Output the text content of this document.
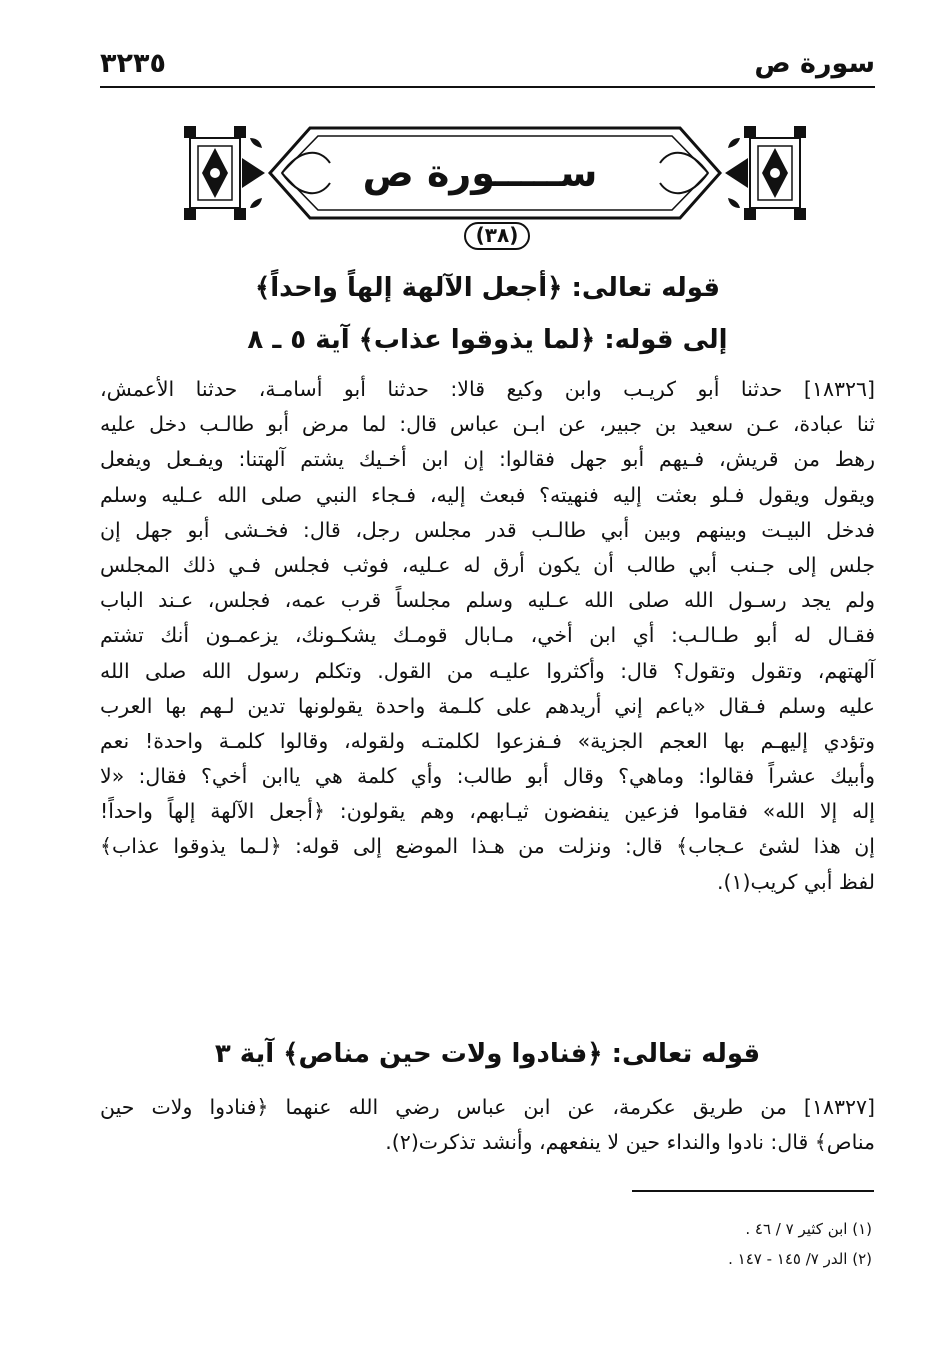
سورة ص
٣٢٣٥
ســـــورة ص
(٣٨)
قوله تعالى: ﴿أجعل الآلهة إلهاً واحداً﴾
إلى قوله: ﴿لما يذوقوا عذاب﴾ آية ٥ ـ ٨
[١٨٣٢٦] حدثنا أبو كريـب وابن وكيع قالا: حدثنا أبو أسامـة، حدثنا الأعمش،
ثنا عبادة، عـن سعيد بن جبير، عن ابـن عباس قال: لما مرض أبو طالـب دخل عليه
رهط من قريش، فـيهم أبو جهل فقالوا: إن ابن أخـيك يشتم آلهتنا: ويفـعل ويفعل
ويقول ويقول فـلو بعثت إليه فنهيته؟ فبعث إليه، فـجاء النبي صلى الله عـليه وسلم
فدخل البيـت وبينهم وبين أبي طالـب قدر مجلس رجل، قال: فخـشى أبو جهل إن
جلس إلى جـنب أبي طالب أن يكون أرق له عـليه، فوثب فجلس فـي ذلك المجلس
ولم يجد رسـول الله صلى الله عـليه وسلم مجلساً قرب عمه، فجلس، عـند الباب
فقـال له أبو طـالـب: أي ابن أخي، مـابال قومـك يشكـونك، يزعمـون أنك تشتم
آلهتهم، وتقول وتقول؟ قال: وأكثروا عليـه من القول. وتكلم رسول الله صلى الله
عليه وسلم فـقال «ياعم إني أريدهم على كلـمة واحدة يقولونها تدين لـهم بها العرب
وتؤدي إليهـم بها العجم الجزية» فـفزعوا لكلمتـه ولقوله، وقالوا كلمـة واحدة! نعم
وأبيك عشراً فقالوا: وماهي؟ وقال أبو طالب: وأي كلمة هي ياابن أخي؟ فقال: «لا
إله إلا الله» فقاموا فزعين ينفضون ثيـابهم، وهم يقولون: ﴿أجعل الآلهة إلهاً واحداً!
إن هذا لشئ عـجاب﴾ قال: ونزلت من هـذا الموضع إلى قوله: ﴿لـما يذوقوا عذاب﴾
لفظ أبي كريب(١).
قوله تعالى: ﴿فنادوا ولات حين مناص﴾ آية ٣
[١٨٣٢٧] من طريق عكرمة، عن ابن عباس رضي الله عنهما ﴿فنادوا ولات حين
مناص﴾ قال: نادوا والنداء حين لا ينفعهم، وأنشد تذكرت(٢).
(١) ابن كثير ٧ / ٤٦ .
(٢) الدر ٧/ ١٤٥ - ١٤٧ .
